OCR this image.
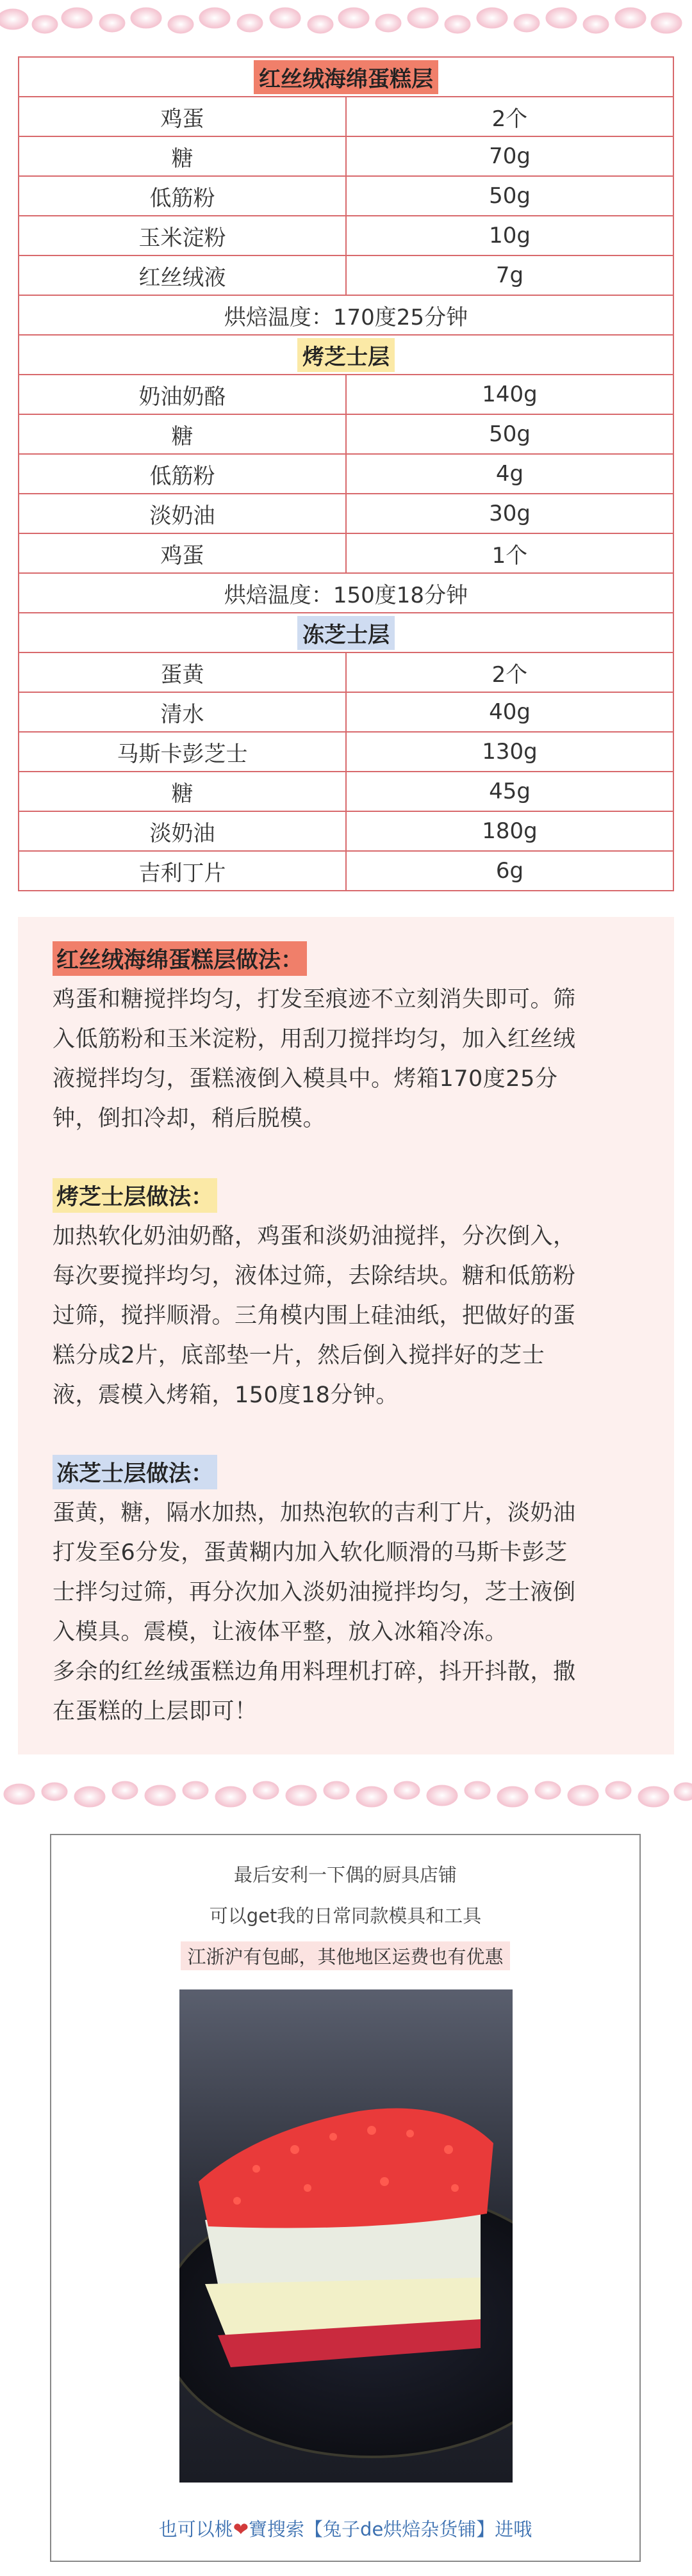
红丝绒海绵蛋糕层	
鸡蛋	2个
糖	70g
低筋粉	50g
玉米淀粉	10g
红丝绒液	7g
烘焙温度：170度25分钟	
烤芝士层	
奶油奶酪	140g
糖	50g
低筋粉	4g
淡奶油	30g
鸡蛋	1个
烘焙温度：150度18分钟	
冻芝士层	
蛋黄	2个
清水	40g
马斯卡彭芝士	130g
糖	45g
淡奶油	180g
吉利丁片	6g
红丝绒海绵蛋糕层做法：

鸡蛋和糖搅拌均匀，打发至痕迹不立刻消失即可。筛

入低筋粉和玉米淀粉，用刮刀搅拌均匀，加入红丝绒

液搅拌均匀，蛋糕液倒入模具中。烤箱170度25分

钟，倒扣冷却，稍后脱模。

烤芝士层做法：

加热软化奶油奶酪，鸡蛋和淡奶油搅拌，分次倒入，

每次要搅拌均匀，液体过筛，去除结块。糖和低筋粉

过筛，搅拌顺滑。三角模内围上硅油纸，把做好的蛋

糕分成2片，底部垫一片，然后倒入搅拌好的芝士

液，震模入烤箱，150度18分钟。

冻芝士层做法：

蛋黄，糖，隔水加热，加热泡软的吉利丁片，淡奶油

打发至6分发，蛋黄糊内加入软化顺滑的马斯卡彭芝

士拌匀过筛，再分次加入淡奶油搅拌均匀，芝士液倒

入模具。震模，让液体平整，放入冰箱冷冻。

多余的红丝绒蛋糕边角用料理机打碎，抖开抖散，撒

在蛋糕的上层即可！

最后安利一下偶的厨具店铺
可以get我的日常同款模具和工具
江浙沪有包邮，其他地区运费也有优惠
也可以桃❤寶搜索【兔子de烘焙杂货铺】进哦
